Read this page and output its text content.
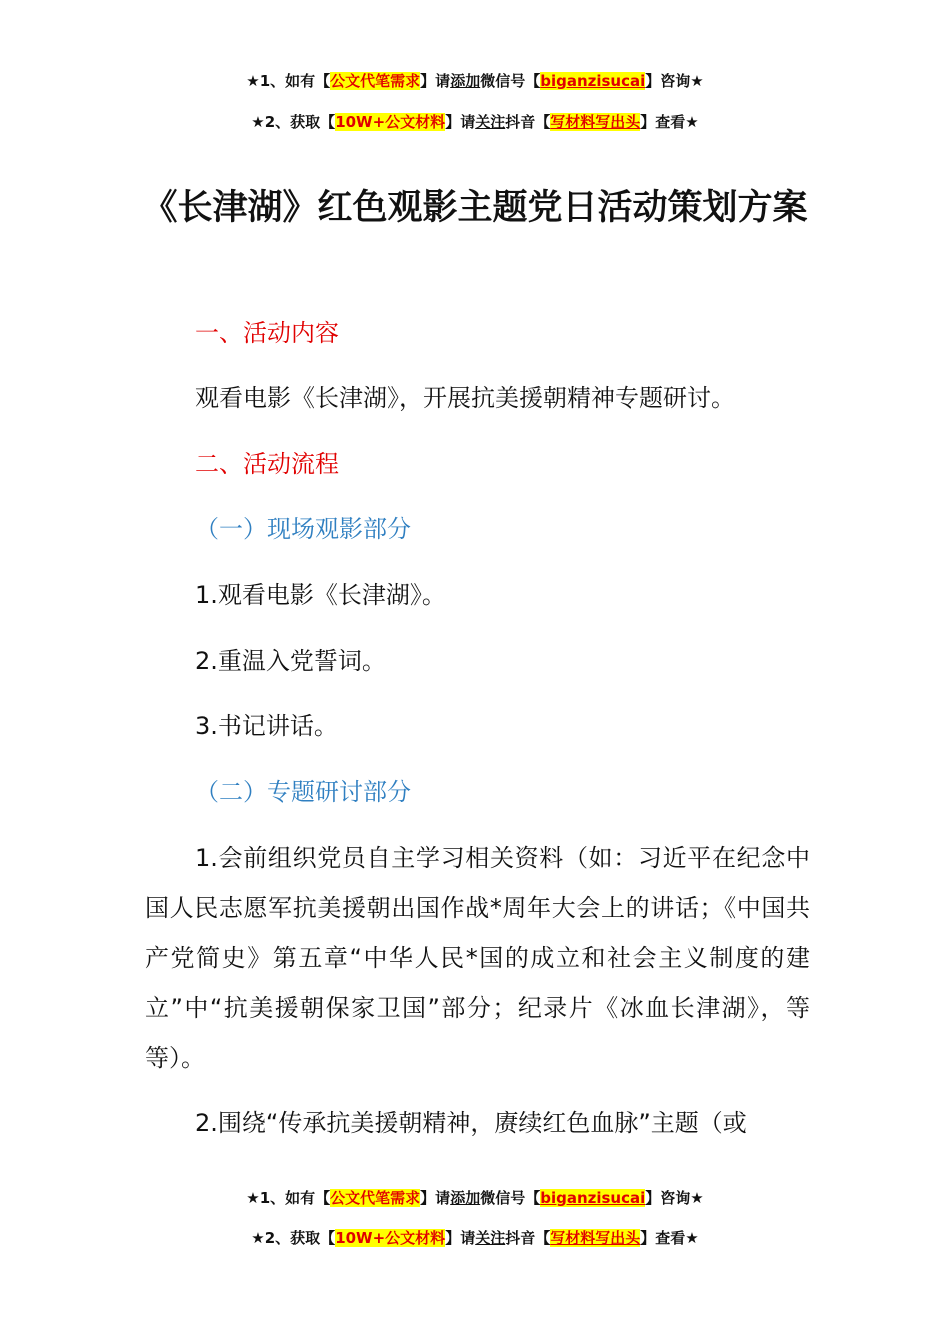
★1、如有【公文代笔需求】请添加微信号【biganzisucai】咨询★
★2、获取【10W+公文材料】请关注抖音【写材料写出头】查看★
《长津湖》红色观影主题党日活动策划方案
一、活动内容
观看电影《长津湖》，开展抗美援朝精神专题研讨。
二、活动流程
（一）现场观影部分
1.观看电影《长津湖》。
2.重温入党誓词。
3.书记讲话。
（二）专题研讨部分
1.会前组织党员自主学习相关资料（如：习近平在纪念中国人民志愿军抗美援朝出国作战*周年大会上的讲话；《中国共产党简史》第五章“中华人民*国的成立和社会主义制度的建立”中“抗美援朝保家卫国”部分；纪录片《冰血长津湖》，等等）。
2.围绕“传承抗美援朝精神，赓续红色血脉”主题（或
★1、如有【公文代笔需求】请添加微信号【biganzisucai】咨询★
★2、获取【10W+公文材料】请关注抖音【写材料写出头】查看★
